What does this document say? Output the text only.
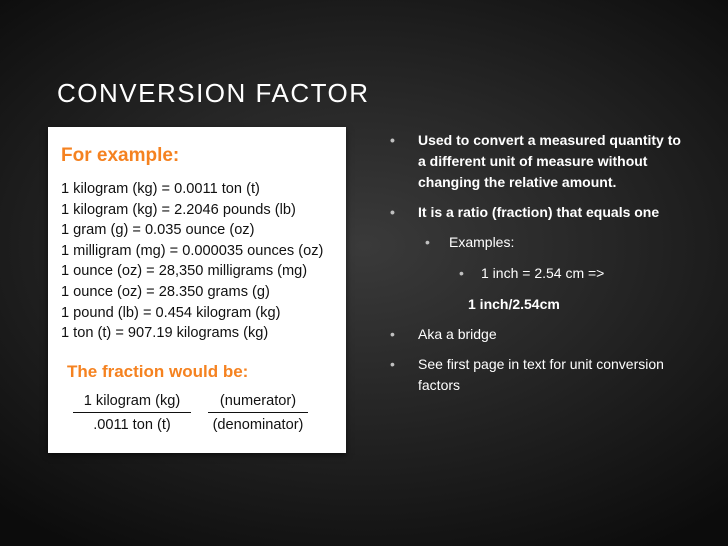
CONVERSION FACTOR
For example:
1 kilogram (kg) = 0.0011 ton (t)
1 kilogram (kg) = 2.2046 pounds (lb)
1 gram (g) = 0.035 ounce (oz)
1 milligram (mg) = 0.000035 ounces (oz)
1 ounce (oz) = 28,350 milligrams (mg)
1 ounce (oz) = 28.350 grams (g)
1 pound (lb) = 0.454 kilogram (kg)
1 ton (t) = 907.19 kilograms (kg)
The fraction would be:
1 kilogram (kg)
.0011 ton (t)
(numerator)
(denominator)
• Used to convert a measured quantity to a different unit of measure without changing the relative amount.
• It is a ratio (fraction) that equals one
• Examples:
• 1 inch = 2.54 cm =>
1 inch/2.54cm
• Aka a bridge
• See first page in text for unit conversion factors
